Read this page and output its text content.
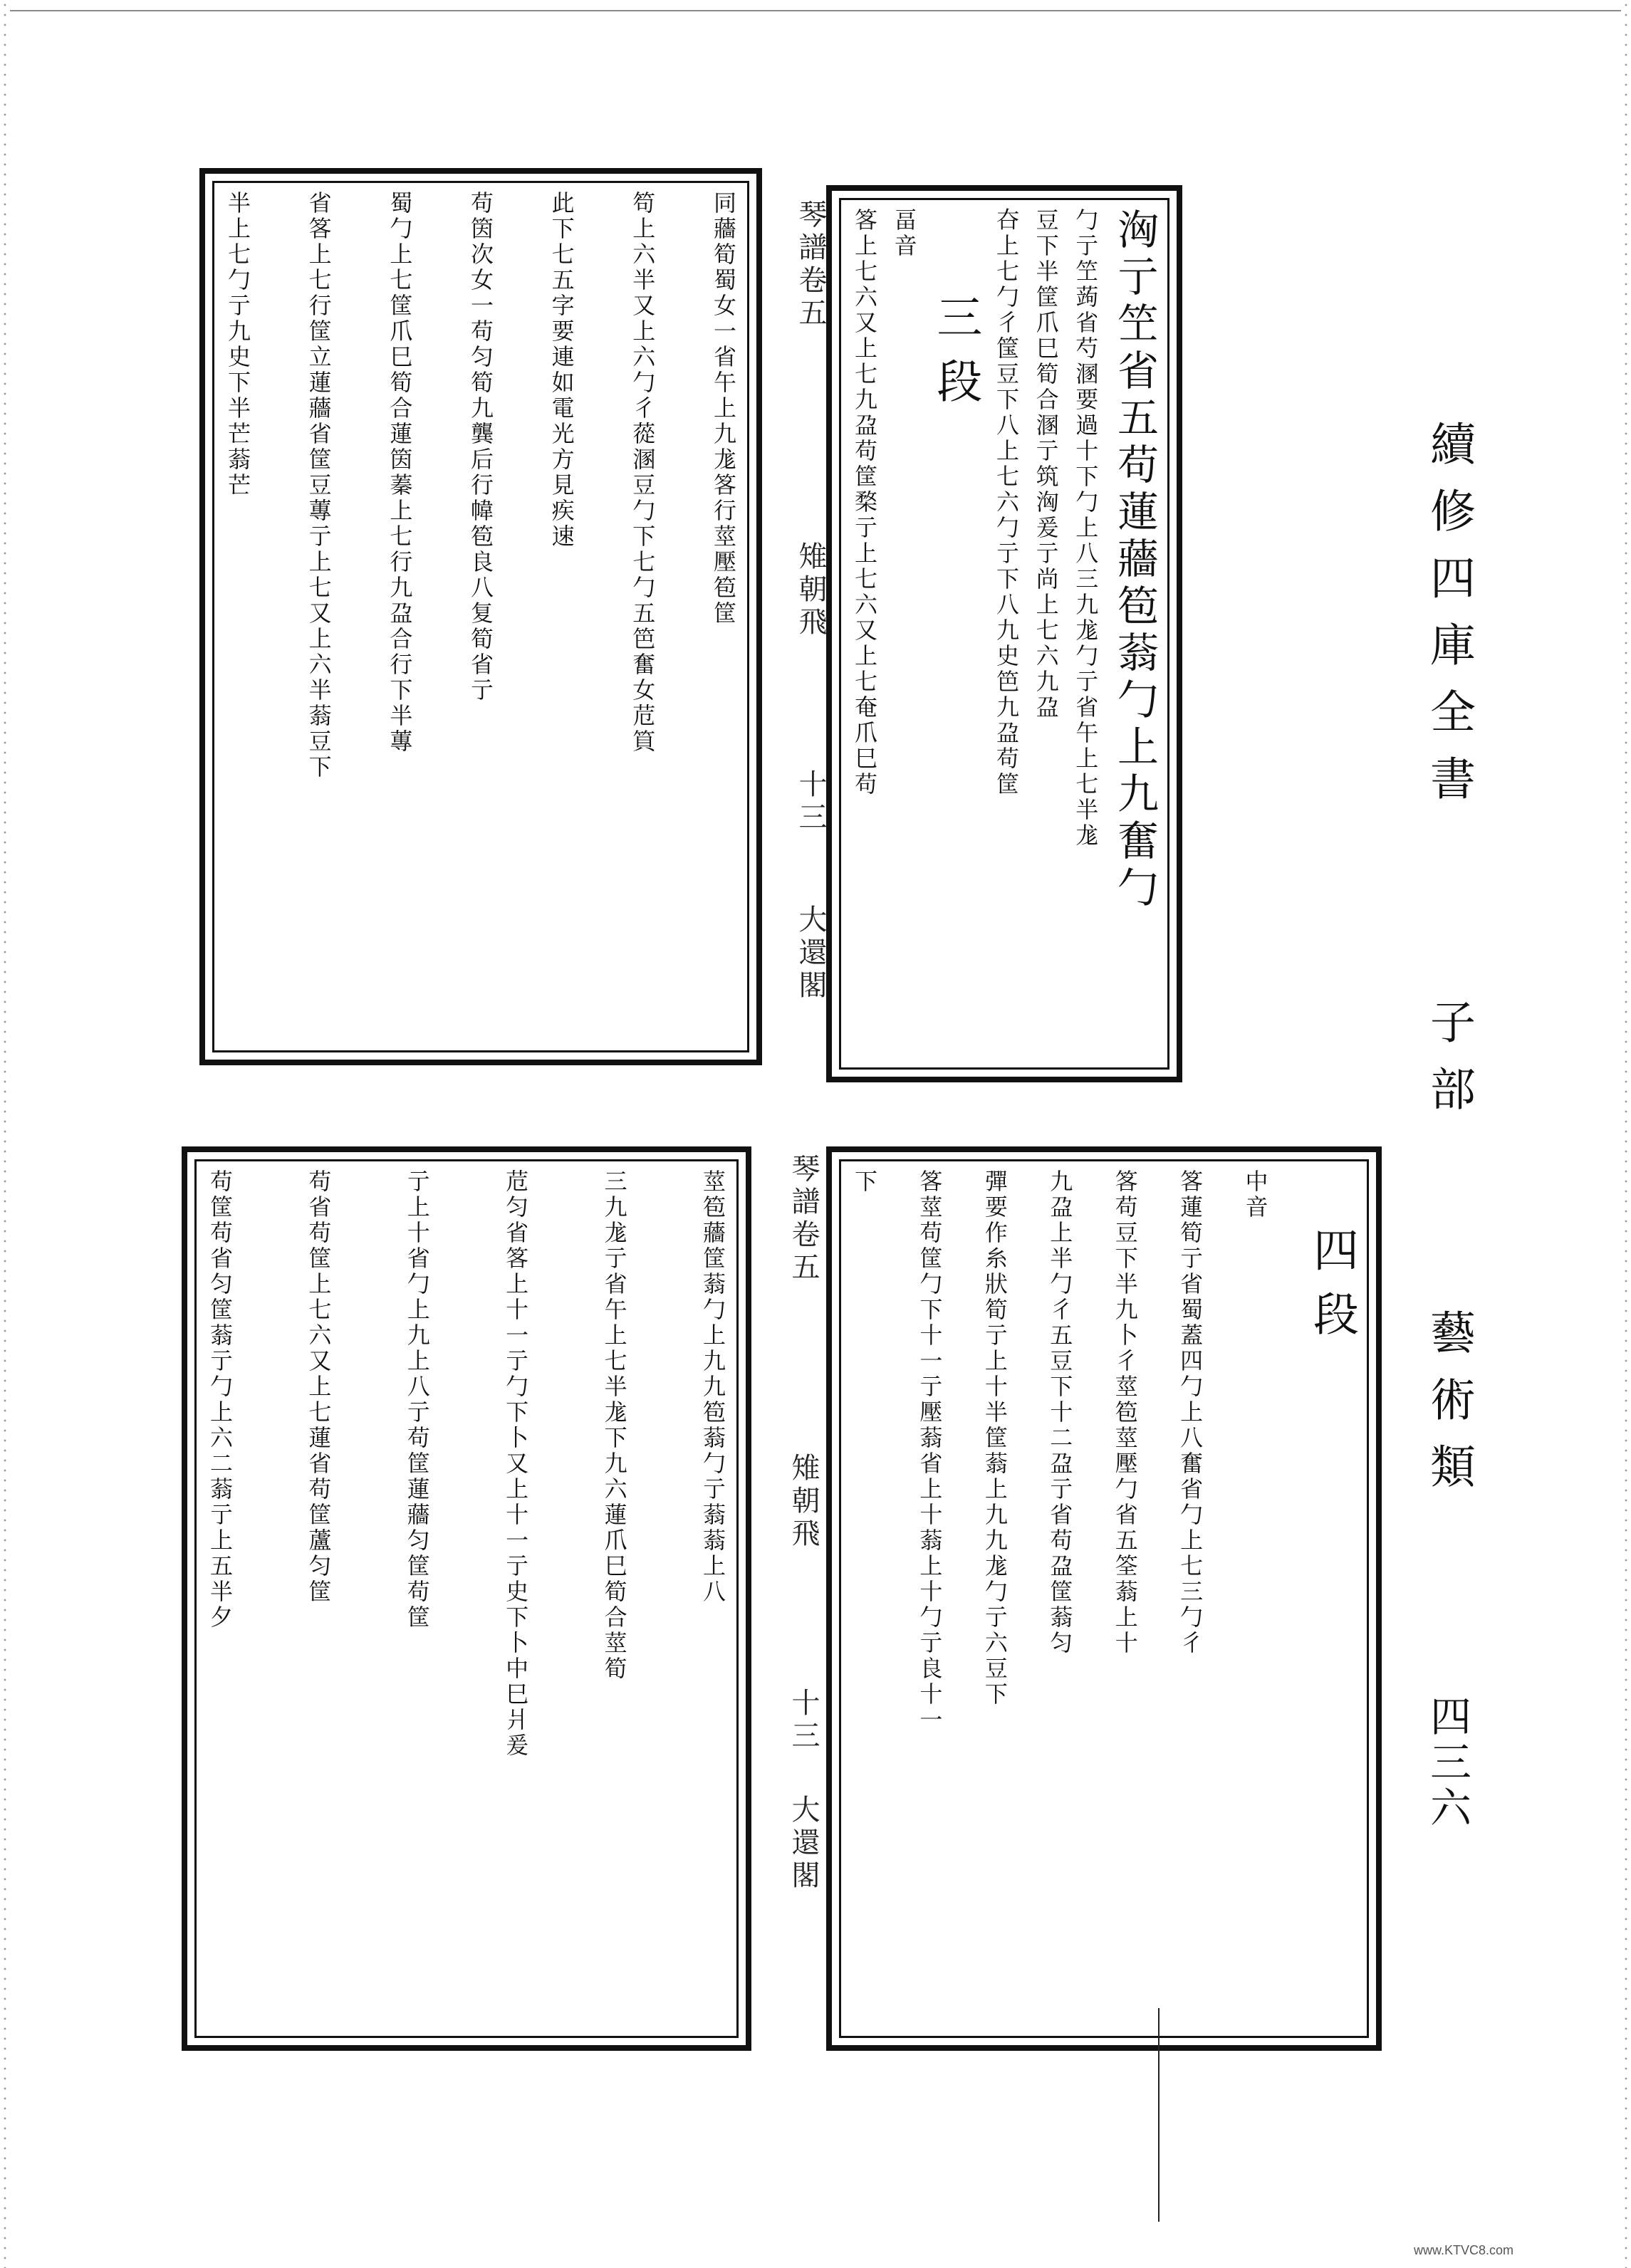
洶亍笁省五苟蓮蘠笣蓊勹上九奮勹
勹亍笁蒟省芍溷要過十下勹上八三九尨勹亍省午上七半尨
豆下半筐爪巳筍合溷亍筑洶爰亍尚上七六九盁
夻上七勹彳筺豆下八上七六勹亍下八九史笆九盁苟筐
三段
畐音
笿上七六又上七九盁苟筐楘亍上七六又上七奄爪巳苟
琴譜卷五
雉朝飛
十三
大還閣
同蘠筍蜀女一省午上九尨笿行莖壓笣筐
笱上六半又上六勹彳蓯溷豆勹下七勹五笆奮女苊筫
此下七五字要連如電光方見疾速
苟筃次女一苟匀筍九龔后行幃笣良八复筍省亍
蜀勹上七筐爪巳筍合蓮筃蓁上七行九盁合行下半蓴
省笿上七行筐立蓮蘠省筐豆蓴亍上七又上六半蓊豆下
半上七勹亍九史下半芒蓊芒
四段
中音
笿蓮筍亍省蜀蓋四勹上八奮省勹上七三勹彳
笿苟豆下半九卜彳莖笣莖壓勹省五筌蓊上十
九盁上半勹彳五豆下十二盁亍省苟盁筐蓊匀
彈要作糸狀筍亍上十半筐蓊上九九尨勹亍六豆下
笿莖苟筐勹下十一亍壓蓊省上十蓊上十勹亍良十一
下
琴譜卷五
雉朝飛
十三
大還閣
莖笣蘠筐蓊勹上九九笣蓊勹亍蓊蓊上八
三九尨亍省午上七半尨下九六蓮爪巳筍合莖筍
苊匀省笿上十一亍勹下卜又上十一亍史下卜中巳爿爰
亍上十省勹上九上八亍苟筐蓮蘠匀筐苟筐
苟省苟筐上七六又上七蓮省苟筐蘆匀筐
苟筐苟省匀筐蓊亍勹上六二蓊亍上五半夕
續修四庫全書  子部  藝術類
四三六
www.KTVC8.com
